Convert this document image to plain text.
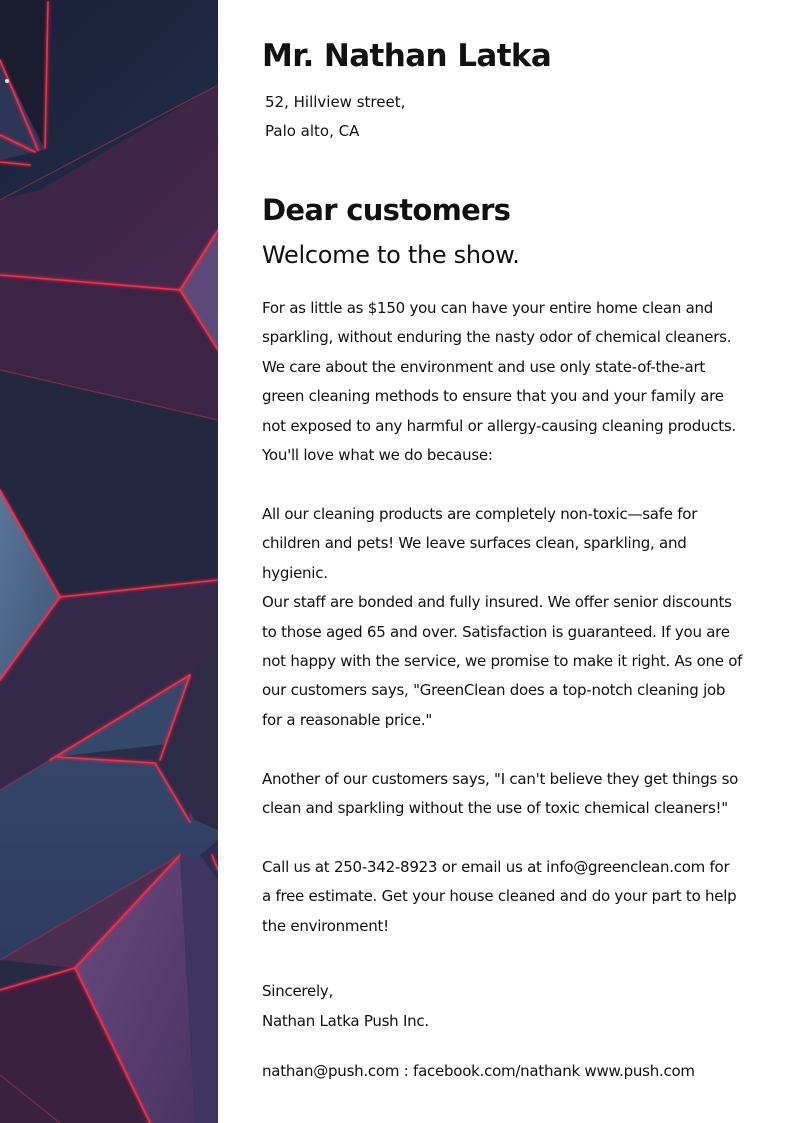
Mr. Nathan Latka
52, Hillview street,
Palo alto, CA
Dear customers
Welcome to the show.

For as little as $150 you can have your entire home clean and
sparkling, without enduring the nasty odor of chemical cleaners.
We care about the environment and use only state-of-the-art
green cleaning methods to ensure that you and your family are
not exposed to any harmful or allergy-causing cleaning products.
You'll love what we do because:

All our cleaning products are completely non-toxic—safe for
children and pets! We leave surfaces clean, sparkling, and
hygienic.
Our staff are bonded and fully insured. We offer senior discounts
to those aged 65 and over. Satisfaction is guaranteed. If you are
not happy with the service, we promise to make it right. As one of
our customers says, "GreenClean does a top-notch cleaning job
for a reasonable price."

Another of our customers says, "I can't believe they get things so
clean and sparkling without the use of toxic chemical cleaners!"

Call us at 250-342-8923 or email us at info@greenclean.com for
a free estimate. Get your house cleaned and do your part to help
the environment!

Sincerely,
Nathan Latka Push Inc.
nathan@push.com : facebook.com/nathank www.push.com
